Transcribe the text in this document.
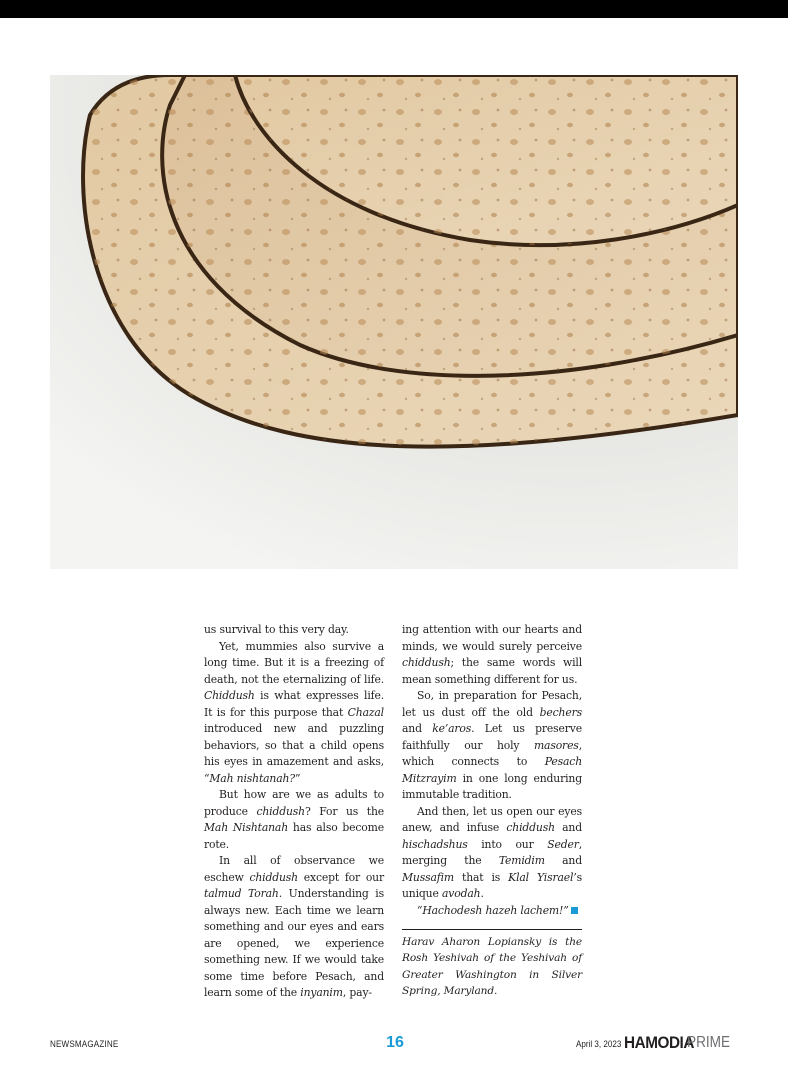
us survival to this very day.

Yet, mummies also survive a long time. But it is a freezing of death, not the eternalizing of life. Chiddush is what expresses life. It is for this purpose that Chazal introduced new and puzzling behaviors, so that a child opens his eyes in amazement and asks, “Mah nishtanah?”

But how are we as adults to produce chiddush? For us the Mah Nishtanah has also become rote.

In all of observance we eschew chiddush except for our talmud Torah. Understanding is always new. Each time we learn something and our eyes and ears are opened, we experience something new. If we would take some time before Pesach, and learn some of the inyanim, pay-

ing attention with our hearts and minds, we would surely perceive chiddush; the same words will mean something different for us.

So, in preparation for Pesach, let us dust off the old bechers and ke’aros. Let us preserve faithfully our holy masores, which connects to Pesach Mitzrayim in one long enduring immutable tradition.

And then, let us open our eyes anew, and infuse chiddush and hischadshus into our Seder, merging the Temidim and Mussafim that is Klal Yisrael’s unique avodah.

“Hachodesh hazeh lachem!”

Harav Aharon Lopiansky is the Rosh Yeshivah of the Yeshivah of Greater Washington in Silver Spring, Maryland.
NEWSMAGAZINE	16	April 3, 2023 HAMODIA
PRIME
